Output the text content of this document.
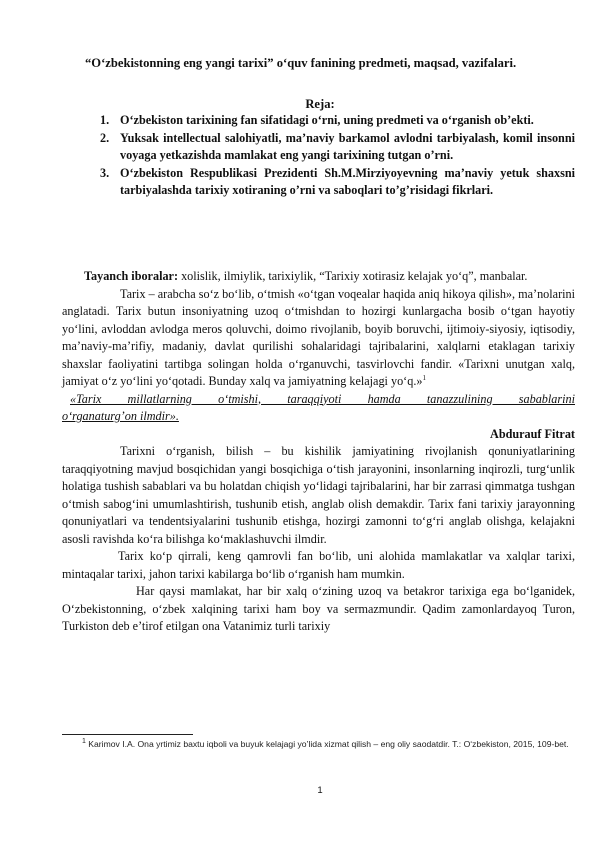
“O‘zbekistonning eng yangi tarixi” o‘quv fanining predmeti, maqsad, vazifalari.
Reja:
1. O‘zbekiston tarixining fan sifatidagi o‘rni, uning predmeti va o‘rganish ob’ekti.
2. Yuksak intellectual salohiyatli, ma’naviy barkamol avlodni tarbiyalash, komil insonni voyaga yetkazishda mamlakat eng yangi tarixining tutgan o’rni.
3. O‘zbekiston Respublikasi Prezidenti Sh.M.Mirziyoyevning ma’naviy yetuk shaxsni tarbiyalashda tarixiy xotiraning o’rni va saboqlari to’g’risidagi fikrlari.

Tayanch iboralar: xolislik, ilmiylik, tarixiylik, “Tarixiy xotirasiz kelajak yo‘q”, manbalar.

Tarix – arabcha so‘z bo‘lib, o‘tmish «o‘tgan voqealar haqida aniq hikoya qilish», ma’nolarini anglatadi. Tarix butun insoniyatning uzoq o‘tmishdan to hozirgi kunlargacha bosib o‘tgan hayotiy yo‘lini, avloddan avlodga meros qoluvchi, doimo rivojlanib, boyib boruvchi, ijtimoiy-siyosiy, iqtisodiy, ma’naviy-ma’rifiy, madaniy, davlat qurilishi sohalaridagi tajribalarini, xalqlarni etaklagan tarixiy shaxslar faoliyatini tartibga solingan holda o‘rganuvchi, tasvirlovchi fandir. «Tarixni unutgan xalq, jamiyat o‘z yo‘lini yo‘qotadi. Bunday xalq va jamiyatning kelajagi yo‘q.»$^1$

«Tarix millatlarning o‘tmishi, taraqqiyoti hamda tanazzulining sabablarini

o‘rganaturg’on ilmdir».

Abdurauf Fitrat

Tarixni o‘rganish, bilish – bu kishilik jamiyatining rivojlanish qonuniyatlarining taraqqiyotning mavjud bosqichidan yangi bosqichiga o‘tish jarayonini, insonlarning inqirozli, turg‘unlik holatiga tushish sabablari va bu holatdan chiqish yo‘lidagi tajribalarini, har bir zarrasi qimmatga tushgan o‘tmish sabog‘ini umumlashtirish, tushunib etish, anglab olish demakdir. Tarix fani tarixiy jarayonning qonuniyatlari va tendentsiyalarini tushunib etishga, hozirgi zamonni to‘g‘ri anglab olishga, kelajakni asosli ravishda ko‘ra bilishga ko‘maklashuvchi ilmdir.

Tarix ko‘p qirrali, keng qamrovli fan bo‘lib, uni alohida mamlakatlar va xalqlar tarixi, mintaqalar tarixi, jahon tarixi kabilarga bo‘lib o‘rganish ham mumkin.

Har qaysi mamlakat, har bir xalq o‘zining uzoq va betakror tarixiga ega bo‘lganidek, O‘zbekistonning, o‘zbek xalqining tarixi ham boy va sermazmundir. Qadim zamonlardayoq Turon, Turkiston deb e’tirof etilgan ona Vatanimiz turli tarixiy

$^1$ Karimov I.A. Ona yrtimiz baxtu iqboli va buyuk kelajagi yo’lida xizmat qilish – eng oliy saodatdir. T.: O‘zbekiston, 2015, 109-bet.
1
